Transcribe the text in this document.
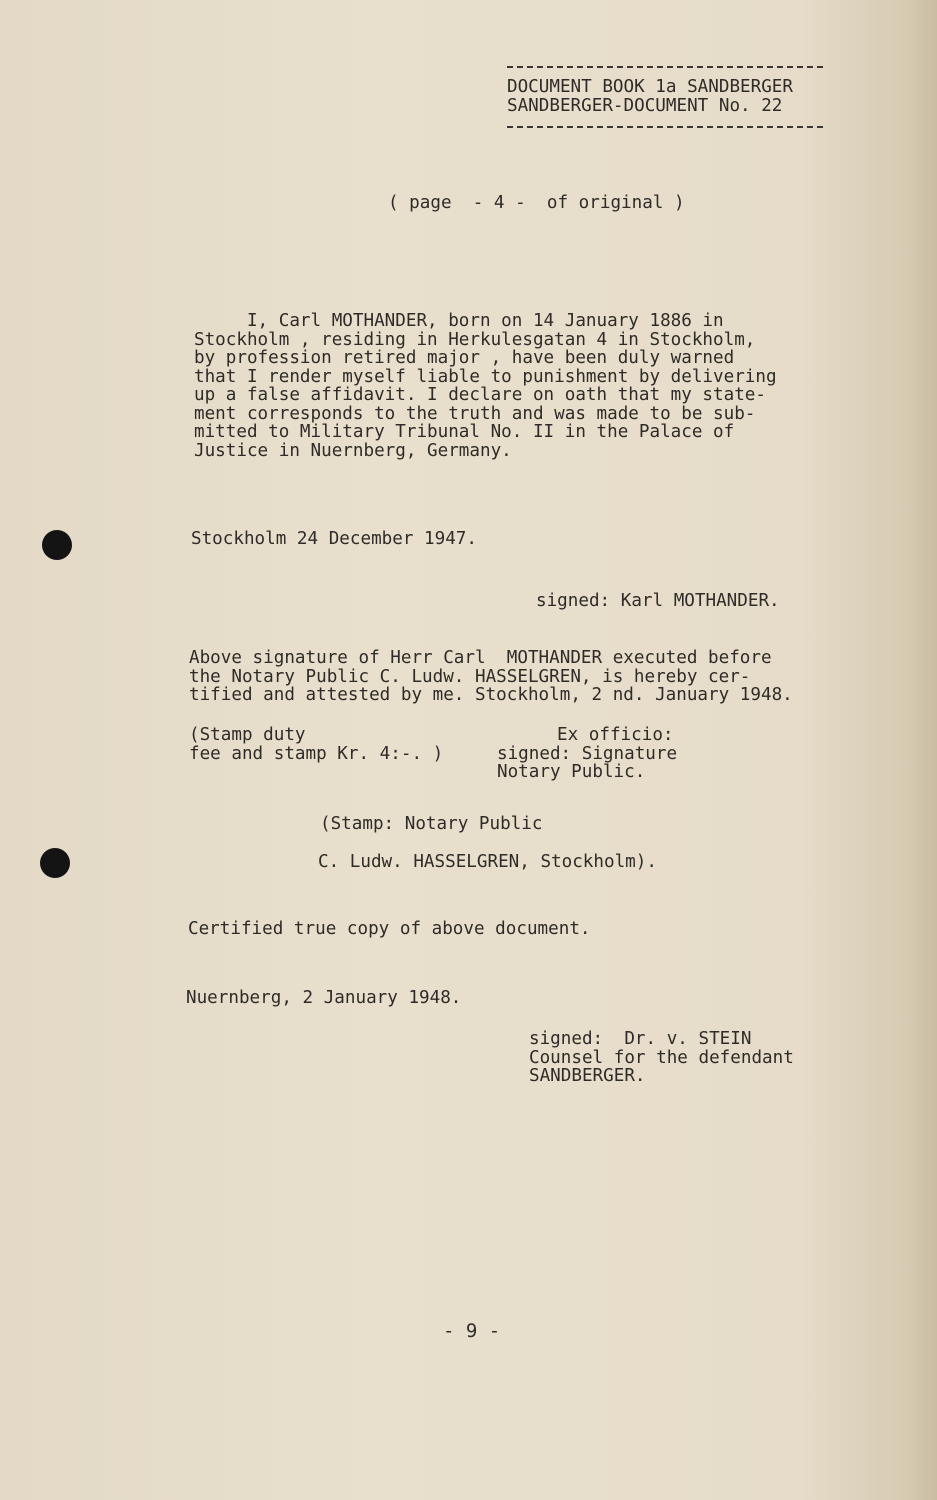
DOCUMENT BOOK 1a SANDBERGER
SANDBERGER-DOCUMENT No. 22
( page  - 4 -  of original )
I, Carl MOTHANDER, born on 14 January 1886 in
Stockholm , residing in Herkulesgatan 4 in Stockholm,
by profession retired major , have been duly warned
that I render myself liable to punishment by delivering
up a false affidavit. I declare on oath that my state-
ment corresponds to the truth and was made to be sub-
mitted to Military Tribunal No. II in the Palace of
Justice in Nuernberg, Germany.
Stockholm 24 December 1947.
signed: Karl MOTHANDER.
Above signature of Herr Carl  MOTHANDER executed before
the Notary Public C. Ludw. HASSELGREN, is hereby cer-
tified and attested by me. Stockholm, 2 nd. January 1948.
(Stamp duty
fee and stamp Kr. 4:-. )
Ex officio:
signed: Signature
Notary Public.
(Stamp: Notary Public
C. Ludw. HASSELGREN, Stockholm).
Certified true copy of above document.
Nuernberg, 2 January 1948.
signed:  Dr. v. STEIN
Counsel for the defendant
SANDBERGER.
- 9 -
